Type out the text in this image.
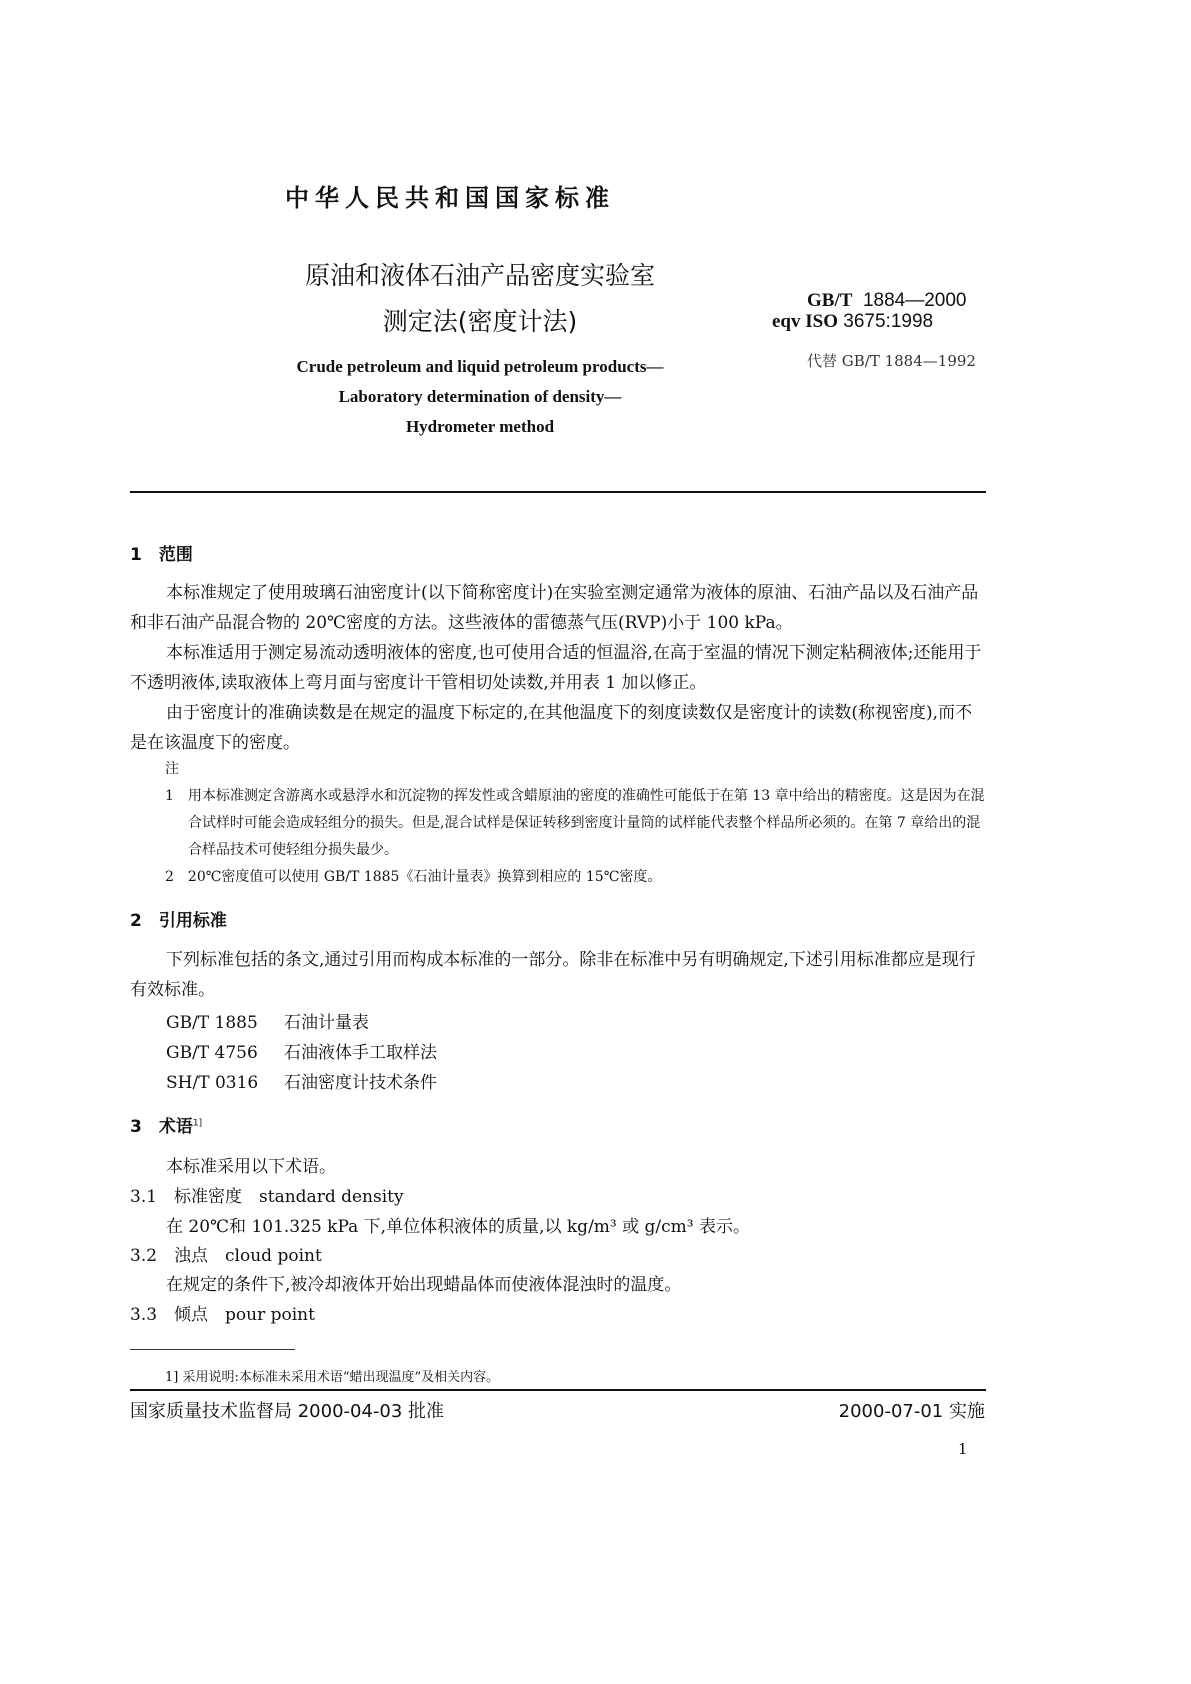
中华人民共和国国家标准
原油和液体石油产品密度实验室
测定法(密度计法)
GB/T 1884—2000
eqv ISO 3675:1998
代替 GB/T 1884—1992
Crude petroleum and liquid petroleum products—
Laboratory determination of density—
Hydrometer method
1　范围
本标准规定了使用玻璃石油密度计(以下简称密度计)在实验室测定通常为液体的原油、石油产品以及石油产品和非石油产品混合物的 20℃密度的方法。这些液体的雷德蒸气压(RVP)小于 100 kPa。
本标准适用于测定易流动透明液体的密度,也可使用合适的恒温浴,在高于室温的情况下测定粘稠液体;还能用于不透明液体,读取液体上弯月面与密度计干管相切处读数,并用表 1 加以修正。
由于密度计的准确读数是在规定的温度下标定的,在其他温度下的刻度读数仅是密度计的读数(称视密度),而不是在该温度下的密度。
注
1　用本标准测定含游离水或悬浮水和沉淀物的挥发性或含蜡原油的密度的准确性可能低于在第 13 章中给出的精密度。这是因为在混合试样时可能会造成轻组分的损失。但是,混合试样是保证转移到密度计量筒的试样能代表整个样品所必须的。在第 7 章给出的混合样品技术可使轻组分损失最少。
2　20℃密度值可以使用 GB/T 1885《石油计量表》换算到相应的 15℃密度。
2　引用标准
下列标准包括的条文,通过引用而构成本标准的一部分。除非在标准中另有明确规定,下述引用标准都应是现行有效标准。
GB/T 1885 石油计量表
GB/T 4756 石油液体手工取样法
SH/T 0316 石油密度计技术条件
3　术语$^{1]}$
本标准采用以下术语。
3.1　标准密度　standard density
在 20℃和 101.325 kPa 下,单位体积液体的质量,以 kg/m³ 或 g/cm³ 表示。
3.2　浊点　cloud point
在规定的条件下,被冷却液体开始出现蜡晶体而使液体混浊时的温度。
3.3　倾点　pour point
1] 采用说明:本标准未采用术语“蜡出现温度”及相关内容。
国家质量技术监督局 2000-04-03 批准	2000-07-01 实施
1
